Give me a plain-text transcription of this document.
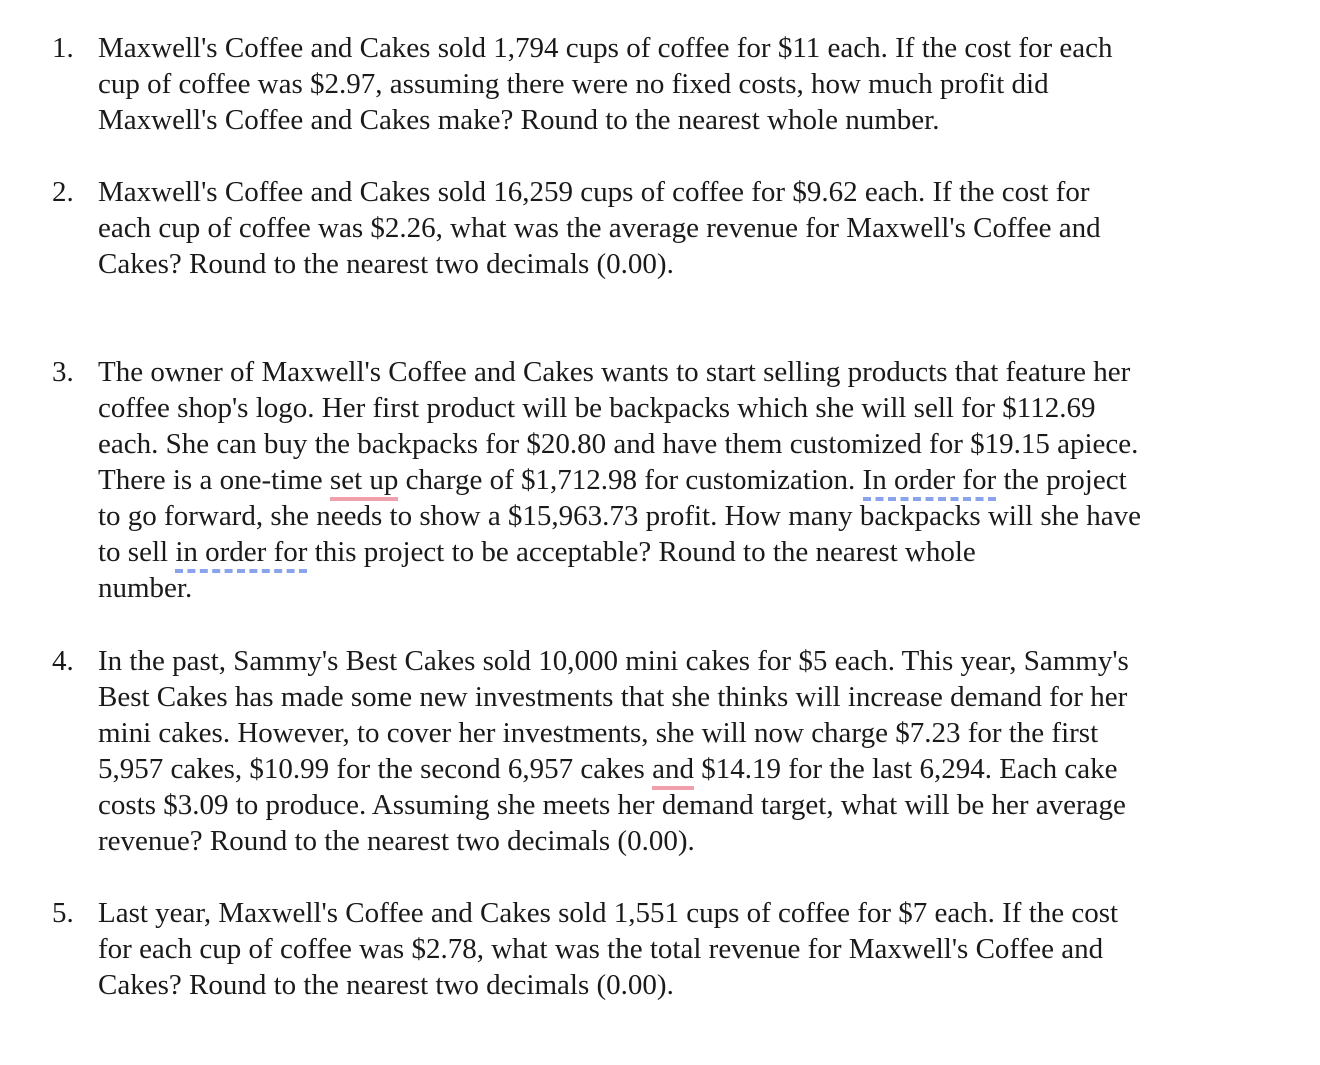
1. Maxwell's Coffee and Cakes sold 1,794 cups of coffee for $11 each. If the cost for each
cup of coffee was $2.97, assuming there were no fixed costs, how much profit did
Maxwell's Coffee and Cakes make? Round to the nearest whole number.
2. Maxwell's Coffee and Cakes sold 16,259 cups of coffee for $9.62 each. If the cost for
each cup of coffee was $2.26, what was the average revenue for Maxwell's Coffee and
Cakes? Round to the nearest two decimals (0.00).
3. The owner of Maxwell's Coffee and Cakes wants to start selling products that feature her
coffee shop's logo. Her first product will be backpacks which she will sell for $112.69
each. She can buy the backpacks for $20.80 and have them customized for $19.15 apiece.
There is a one-time set up charge of $1,712.98 for customization. In order for the project
to go forward, she needs to show a $15,963.73 profit. How many backpacks will she have
to sell in order for this project to be acceptable? Round to the nearest whole
number.
4. In the past, Sammy's Best Cakes sold 10,000 mini cakes for $5 each. This year, Sammy's
Best Cakes has made some new investments that she thinks will increase demand for her
mini cakes. However, to cover her investments, she will now charge $7.23 for the first
5,957 cakes, $10.99 for the second 6,957 cakes and $14.19 for the last 6,294. Each cake
costs $3.09 to produce. Assuming she meets her demand target, what will be her average
revenue? Round to the nearest two decimals (0.00).
5. Last year, Maxwell's Coffee and Cakes sold 1,551 cups of coffee for $7 each. If the cost
for each cup of coffee was $2.78, what was the total revenue for Maxwell's Coffee and
Cakes? Round to the nearest two decimals (0.00).
